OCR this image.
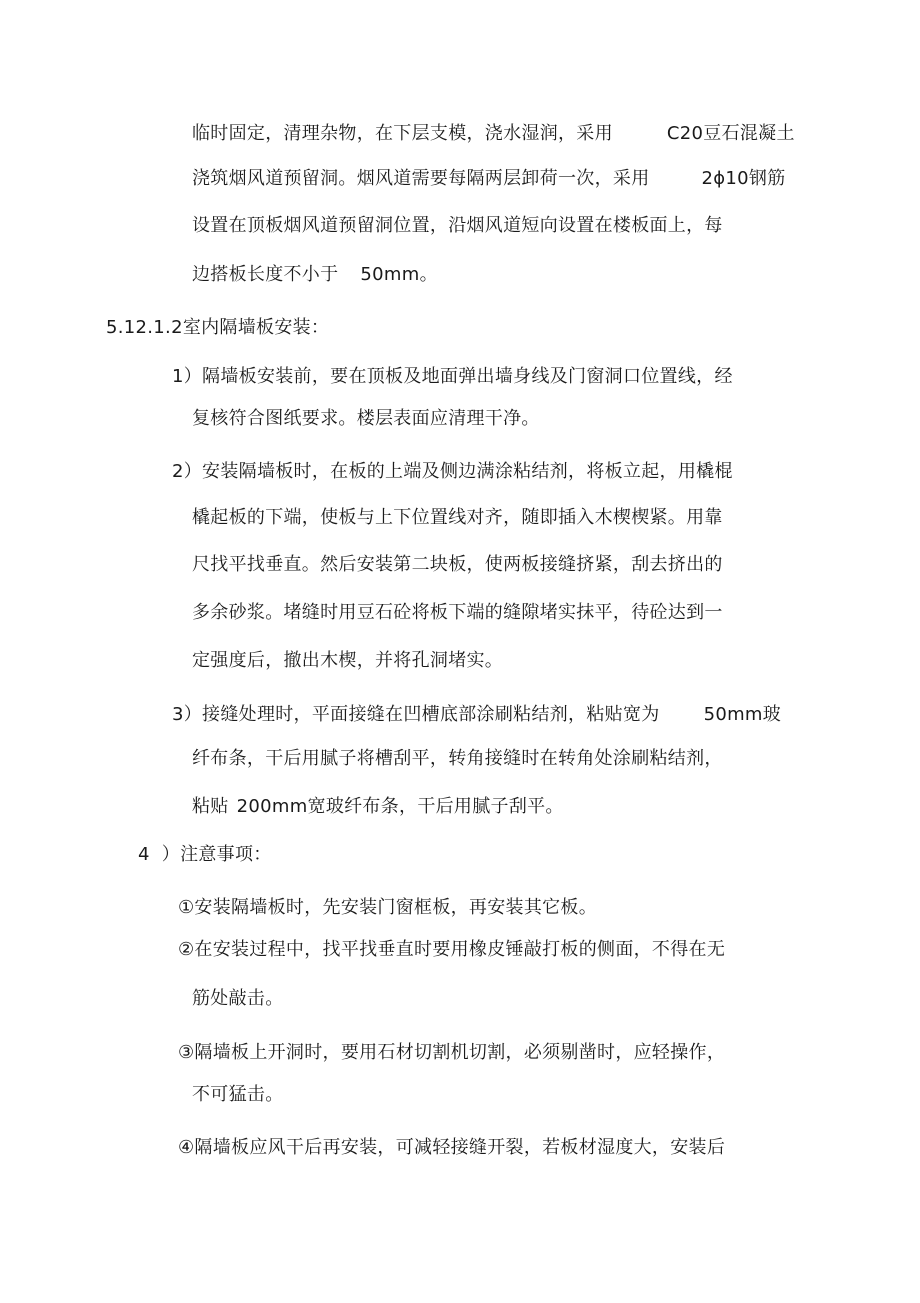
临时固定，清理杂物，在下层支模，浇水湿润，采用	C20豆石混凝土
浇筑烟风道预留洞。烟风道需要每隔两层卸荷一次，采用	2ϕ10钢筋
设置在顶板烟风道预留洞位置，沿烟风道短向设置在楼板面上，每
边搭板长度不小于 50mm。
5.12.1.2室内隔墙板安装：
1）隔墙板安装前，要在顶板及地面弹出墙身线及门窗洞口位置线，经
复核符合图纸要求。楼层表面应清理干净。
2）安装隔墙板时，在板的上端及侧边满涂粘结剂，将板立起，用橇棍
橇起板的下端，使板与上下位置线对齐，随即插入木楔楔紧。用靠
尺找平找垂直。然后安装第二块板，使两板接缝挤紧，刮去挤出的
多余砂浆。堵缝时用豆石砼将板下端的缝隙堵实抹平，待砼达到一
定强度后，撤出木楔，并将孔洞堵实。
3）接缝处理时，平面接缝在凹槽底部涂刷粘结剂，粘贴宽为 50mm玻
纤布条，干后用腻子将槽刮平，转角接缝时在转角处涂刷粘结剂，
粘贴 200mm宽玻纤布条，干后用腻子刮平。
4 ）注意事项：
①安装隔墙板时，先安装门窗框板，再安装其它板。
②在安装过程中，找平找垂直时要用橡皮锤敲打板的侧面，不得在无
筋处敲击。
③隔墙板上开洞时，要用石材切割机切割，必须剔凿时，应轻操作，
不可猛击。
④隔墙板应风干后再安装，可减轻接缝开裂，若板材湿度大，安装后
